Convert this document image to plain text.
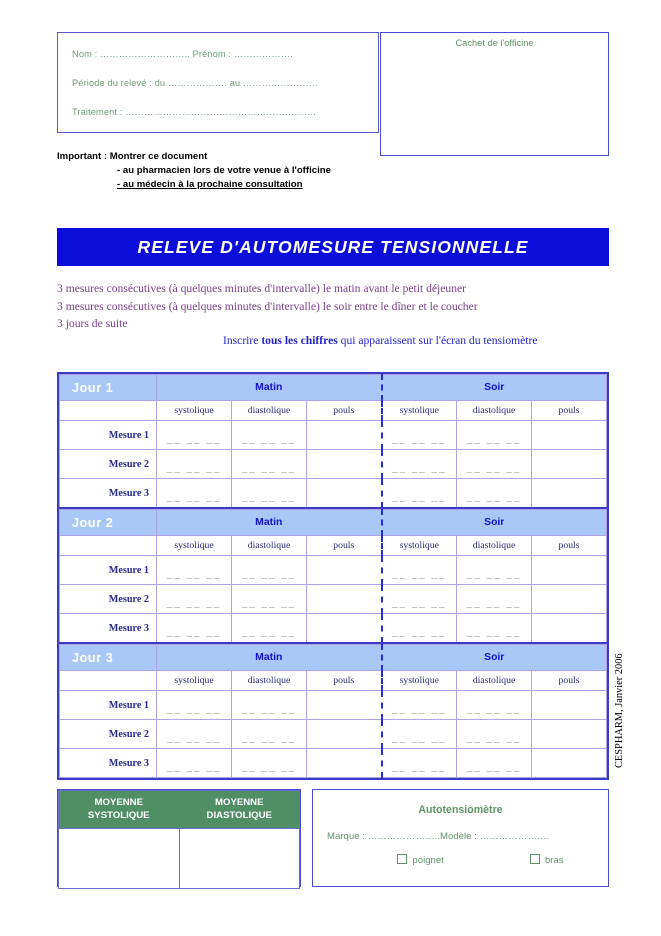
Nom : ……………………….. Prénom : ……………….
Période du relevé : du ………………. au ……………………
Traitement : …………………………………………………….
Cachet de l'officine
Important : Montrer ce document
- au pharmacien lors de votre venue à l'officine
- au médecin à la prochaine consultation
RELEVE D'AUTOMESURE TENSIONNELLE
3 mesures consécutives (à quelques minutes d'intervalle) le matin avant le petit déjeuner
3 mesures consécutives (à quelques minutes d'intervalle) le soir entre le dîner et le coucher
3 jours de suite
Inscrire tous les chiffres qui apparaissent sur l'écran du tensiomètre
Jour 1	Matin			Soir		
	systolique	diastolique	pouls	systolique	diastolique	pouls
Mesure 1	__ __ __	__ __ __		__ __ __	__ __ __	

Mesure 2	__ __ __	__ __ __		__ __ __	__ __ __	

Mesure 3	__ __ __	__ __ __		__ __ __	__ __ __	

Jour 2	Matin			Soir		
	systolique	diastolique	pouls	systolique	diastolique	pouls
Mesure 1	__ __ __	__ __ __		__ __ __	__ __ __	

Mesure 2	__ __ __	__ __ __		__ __ __	__ __ __	

Mesure 3	__ __ __	__ __ __		__ __ __	__ __ __	

Jour 3	Matin			Soir		
	systolique	diastolique	pouls	systolique	diastolique	pouls
Mesure 1	__ __ __	__ __ __		__ __ __	__ __ __	

Mesure 2	__ __ __	__ __ __		__ __ __	__ __ __	

Mesure 3	__ __ __	__ __ __		__ __ __	__ __ __	

MOYENNE
SYSTOLIQUE

MOYENNE
DIASTOLIQUE

		Autotensiomètre
Marque : …………………..Modèle : ………………….
poignet	bras
CESPHARM, Janvier 2006
